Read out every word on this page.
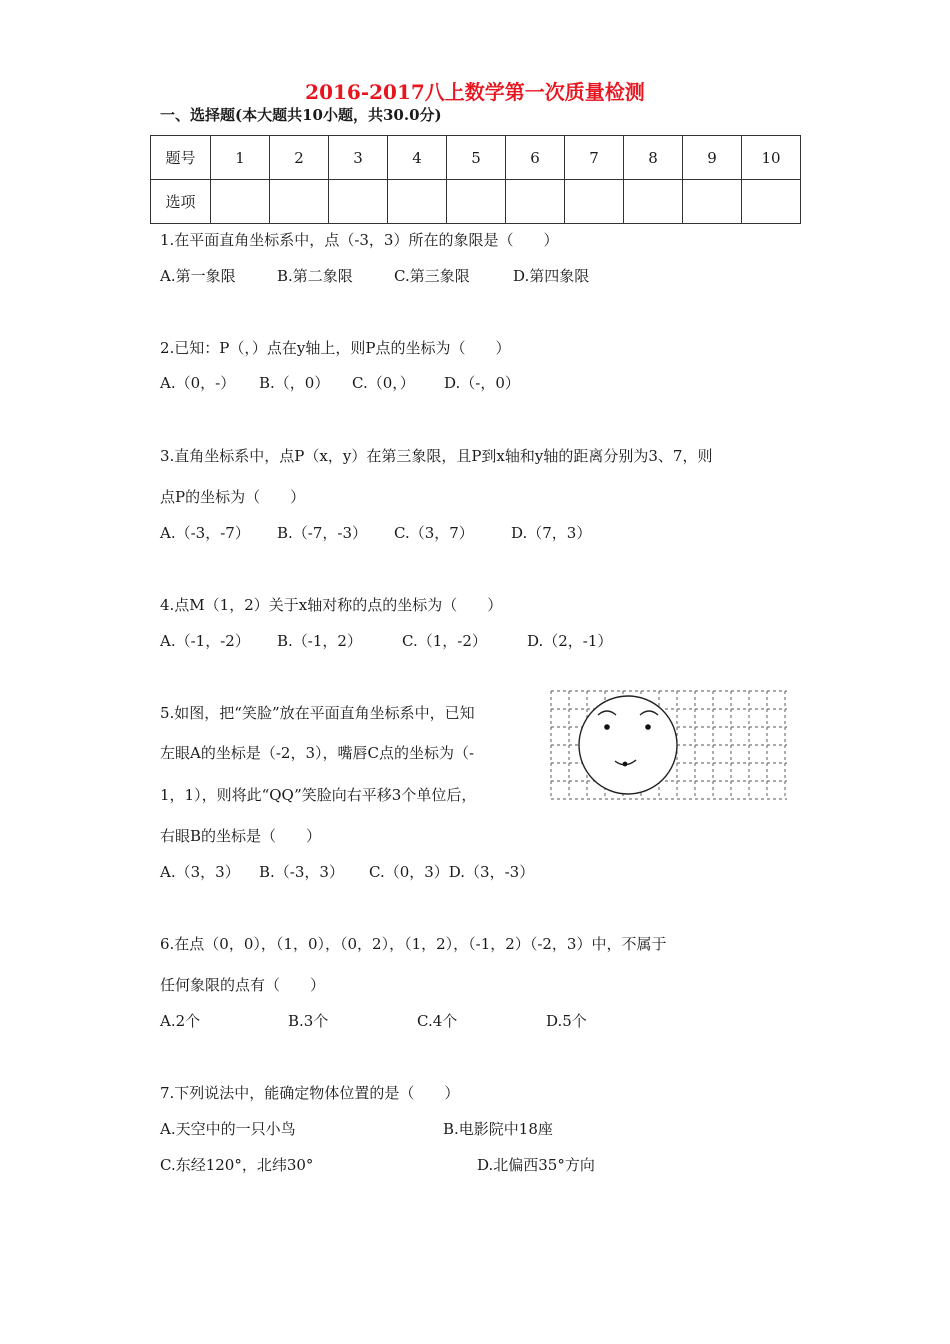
2016-2017八上数学第一次质量检测
一、选择题(本大题共10小题，共30.0分)
题号	1	2	3	4	5	6	7	8	9	10
选项										
1.在平面直角坐标系中，点（-3，3）所在的象限是（　　）
A.第一象限	B.第二象限	C.第三象限	D.第四象限
2.已知：P（，）点在y轴上，则P点的坐标为（　　）
A.（0，-） B.（，0） C.（0，） D.（-，0）
3.直角坐标系中，点P（x，y）在第三象限，且P到x轴和y轴的距离分别为3、7，则
点P的坐标为（　　）
A.（-3，-7） B.（-7，-3） C.（3，7） D.（7，3）
4.点M（1，2）关于x轴对称的点的坐标为（　　）
A.（-1，-2） B.（-1，2）	C.（1，-2）	D.（2，-1）
5.如图，把“笑脸”放在平面直角坐标系中，已知
左眼A的坐标是（-2，3），嘴唇C点的坐标为（-
1，1），则将此“QQ”笑脸向右平移3个单位后，
右眼B的坐标是（　　）
A.（3，3） B.（-3，3） C.（0，3）D.（3，-3）
6.在点（0，0），（1，0），（0，2），（1，2），（-1，2）（-2，3）中，不属于
任何象限的点有（　　）
A.2个	B.3个	C.4个	D.5个
7.下列说法中，能确定物体位置的是（　　）
A.天空中的一只小鸟	B.电影院中18座
C.东经120°，北纬30°	D.北偏西35°方向
